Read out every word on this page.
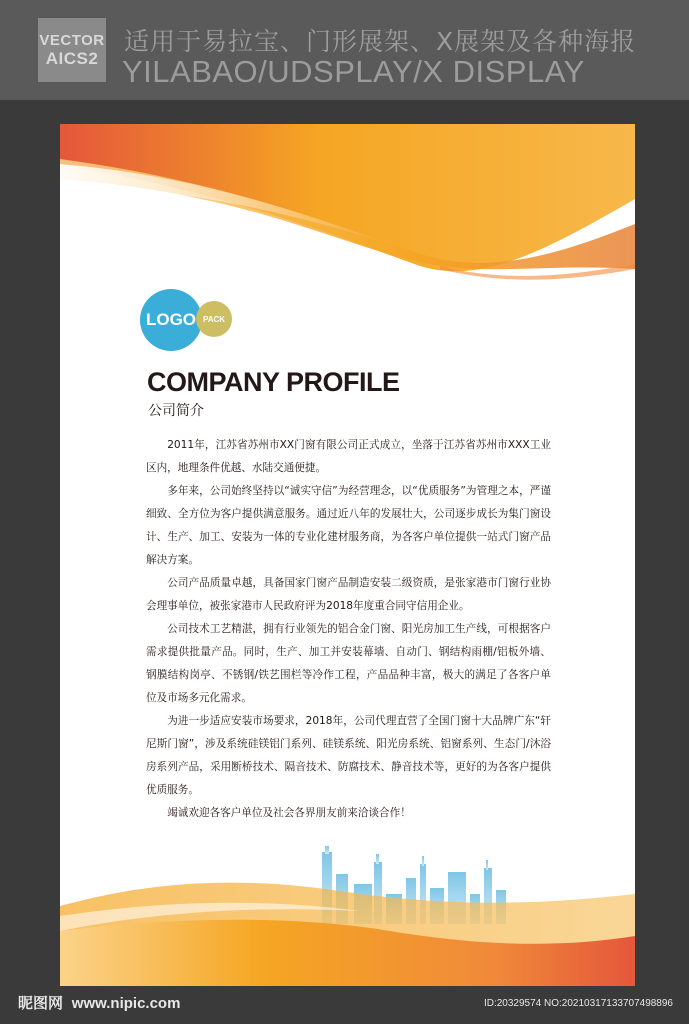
VECTOR
AICS2
适用于易拉宝、门形展架、X展架及各种海报
YILABAO/UDSPLAY/X DISPLAY
LOGO PACK
COMPANY PROFILE
公司简介

2011年，江苏省苏州市XX门窗有限公司正式成立，坐落于江苏省苏州市XXX工业区内，地理条件优越、水陆交通便捷。

多年来，公司始终坚持以“诚实守信”为经营理念，以“优质服务”为管理之本，严谨细致、全方位为客户提供满意服务。通过近八年的发展壮大，公司逐步成长为集门窗设计、生产、加工、安装为一体的专业化建材服务商，为各客户单位提供一站式门窗产品解决方案。

公司产品质量卓越，具备国家门窗产品制造安装二级资质，是张家港市门窗行业协会理事单位，被张家港市人民政府评为2018年度重合同守信用企业。

公司技术工艺精湛，拥有行业领先的铝合金门窗、阳光房加工生产线，可根据客户需求提供批量产品。同时，生产、加工并安装幕墙、自动门、钢结构雨棚/铝板外墙、钢膜结构岗亭、不锈钢/铁艺围栏等冷作工程，产品品种丰富，极大的满足了各客户单位及市场多元化需求。

为进一步适应安装市场要求，2018年，公司代理直营了全国门窗十大品牌广东“轩尼斯门窗”，涉及系统硅镁铝门系列、硅镁系统、阳光房系统、铝窗系列、生态门/沐浴房系列产品，采用断桥技术、隔音技术、防腐技术、静音技术等，更好的为各客户提供优质服务。

竭诚欢迎各客户单位及社会各界朋友前来洽谈合作！

昵图网 www.nipic.com	ID:20329574 NO:20210317133707498896
